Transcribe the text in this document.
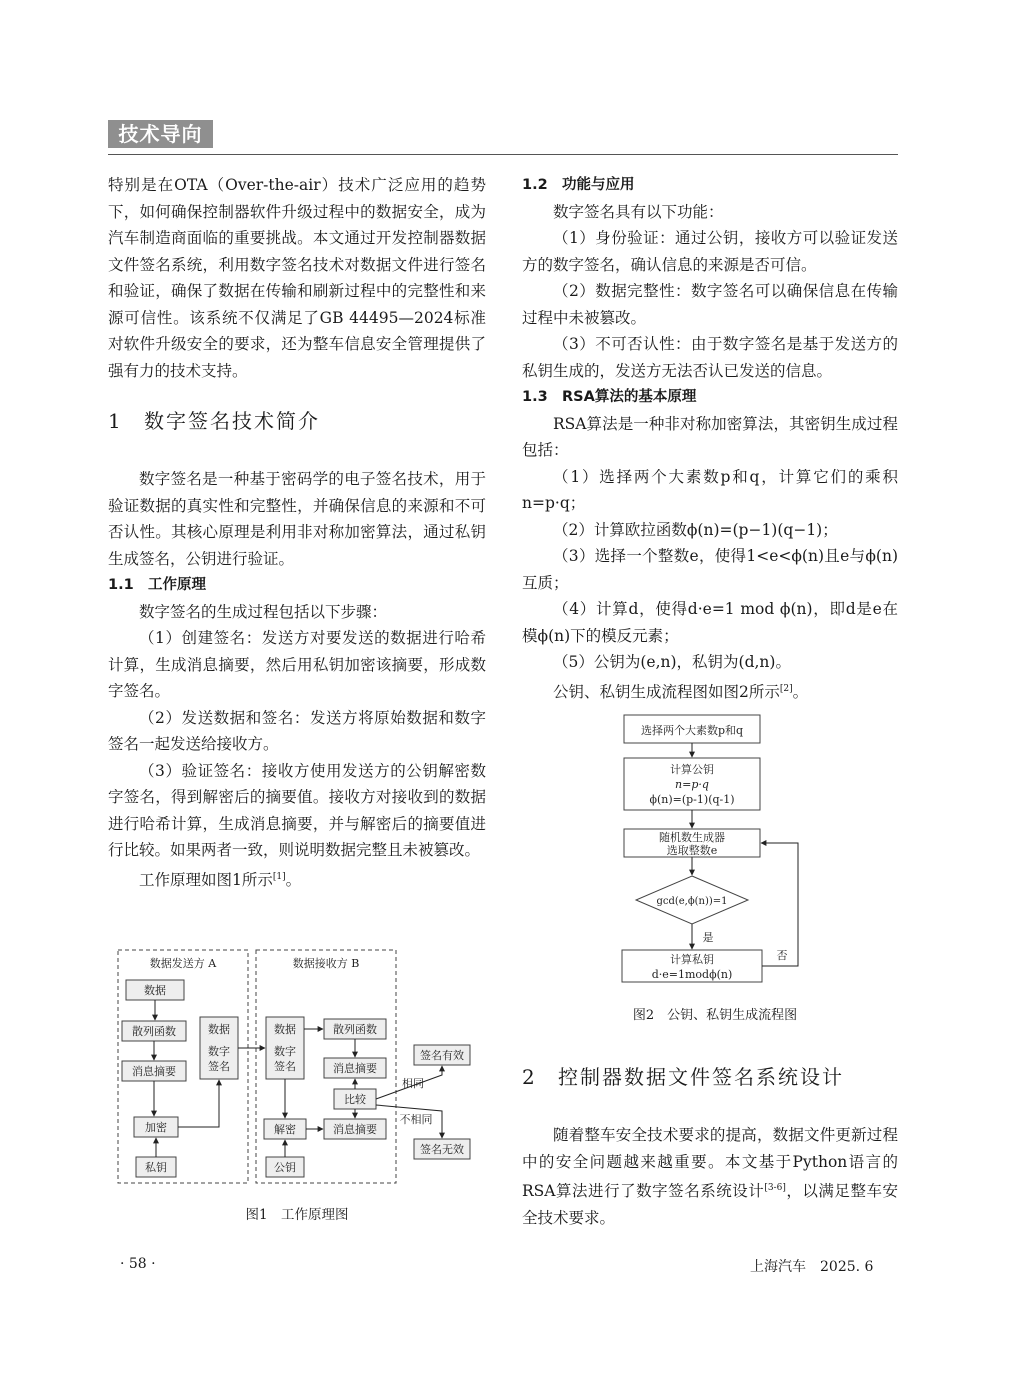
技术导向

特别是在OTA（Over-the-air）技术广泛应用的趋势下，如何确保控制器软件升级过程中的数据安全，成为汽车制造商面临的重要挑战。本文通过开发控制器数据文件签名系统，利用数字签名技术对数据文件进行签名和验证，确保了数据在传输和刷新过程中的完整性和来源可信性。该系统不仅满足了GB 44495—2024标准对软件升级安全的要求，还为整车信息安全管理提供了强有力的技术支持。

1 数字签名技术简介

数字签名是一种基于密码学的电子签名技术，用于验证数据的真实性和完整性，并确保信息的来源和不可否认性。其核心原理是利用非对称加密算法，通过私钥生成签名，公钥进行验证。

1.1 工作原理

数字签名的生成过程包括以下步骤：

（1）创建签名：发送方对要发送的数据进行哈希计算，生成消息摘要，然后用私钥加密该摘要，形成数字签名。

（2）发送数据和签名：发送方将原始数据和数字签名一起发送给接收方。

（3）验证签名：接收方使用发送方的公钥解密数字签名，得到解密后的摘要值。接收方对接收到的数据进行哈希计算，生成消息摘要，并与解密后的摘要值进行比较。如果两者一致，则说明数据完整且未被篡改。

工作原理如图1所示[1]。

数据发送方 A	数据接收方 B
数据
散列函数
消息摘要
加密
私钥
数据
数字
签名
数据
数字
签名
解密
公钥
散列函数
消息摘要
比较
消息摘要
签名有效
签名无效
相同
不相同
图1　工作原理图

1.2 功能与应用

数字签名具有以下功能：

（1）身份验证：通过公钥，接收方可以验证发送方的数字签名，确认信息的来源是否可信。

（2）数据完整性：数字签名可以确保信息在传输过程中未被篡改。

（3）不可否认性：由于数字签名是基于发送方的私钥生成的，发送方无法否认已发送的信息。

1.3 RSA算法的基本原理

RSA算法是一种非对称加密算法，其密钥生成过程包括：

（1）选择两个大素数p和q，计算它们的乘积n=p·q；

（2）计算欧拉函数ϕ(n)=(p−1)(q−1)；

（3）选择一个整数e，使得1<e<ϕ(n)且e与ϕ(n)互质；

（4）计算d，使得d·e=1 mod ϕ(n)，即d是e在模ϕ(n)下的模反元素；

（5）公钥为(e,n)，私钥为(d,n)。

公钥、私钥生成流程图如图2所示[2]。

选择两个大素数p和q
计算公钥
n=p·q
ϕ(n)=(p-1)(q-1)
随机数生成器
选取整数e
gcd(e,ϕ(n))=1
是
否
计算私钥
d·e=1modϕ(n)
图2　公钥、私钥生成流程图

2 控制器数据文件签名系统设计

随着整车安全技术要求的提高，数据文件更新过程中的安全问题越来越重要。本文基于Python语言的RSA算法进行了数字签名系统设计[3-6]，以满足整车安全技术要求。

· 58 ·	上海汽车　2025. 6
